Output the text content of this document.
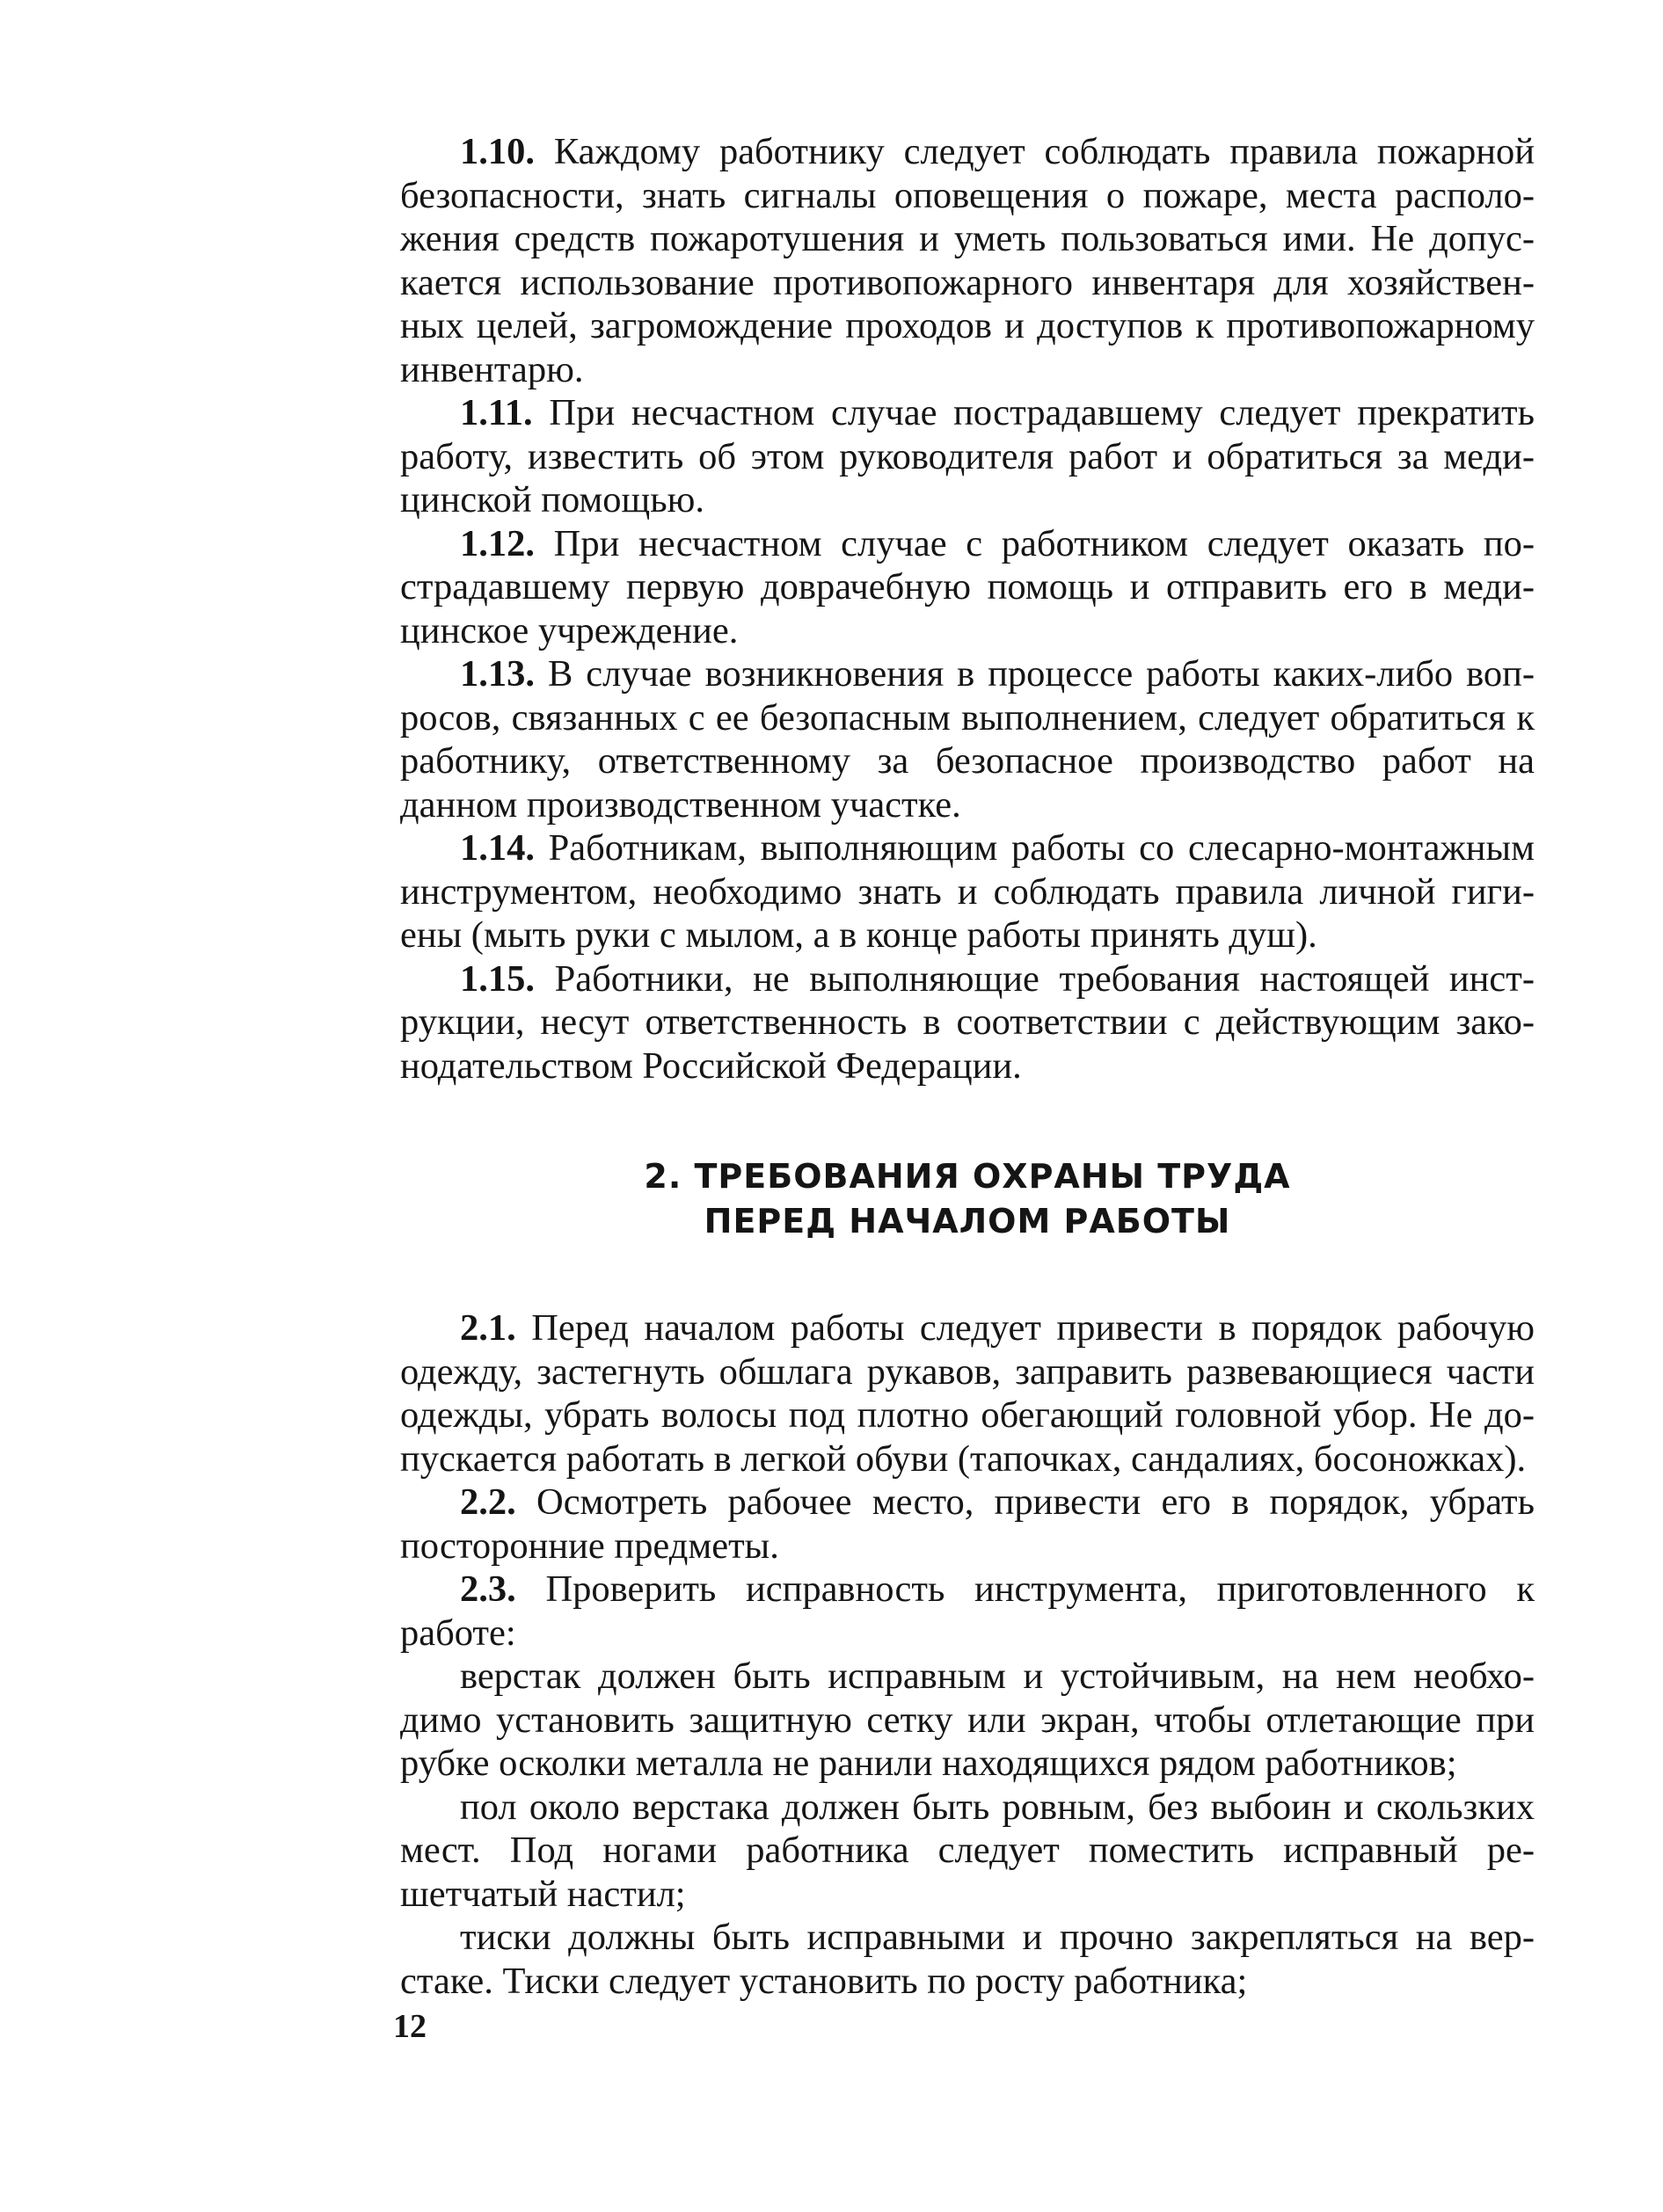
1.10. Каждому работнику следует соблюдать правила пожарной безопасности, знать сигналы оповещения о пожаре, места расположения средств пожаротушения и уметь пользоваться ими. Не допускается использование противопожарного инвентаря для хозяйственных целей, загромождение проходов и доступов к противопожарному инвентарю.

1.11. При несчастном случае пострадавшему следует прекратить работу, известить об этом руководителя работ и обратиться за медицинской помощью.

1.12. При несчастном случае с работником следует оказать пострадавшему первую доврачебную помощь и отправить его в медицинское учреждение.

1.13. В случае возникновения в процессе работы каких-либо вопросов, связанных с ее безопасным выполнением, следует обратиться к работнику, ответственному за безопасное производство работ на данном производственном участке.

1.14. Работникам, выполняющим работы со слесарно-монтажным инструментом, необходимо знать и соблюдать правила личной гигиены (мыть руки с мылом, а в конце работы принять душ).

1.15. Работники, не выполняющие требования настоящей инструкции, несут ответственность в соответствии с действующим законодательством Российской Федерации.

2. ТРЕБОВАНИЯ ОХРАНЫ ТРУДА
ПЕРЕД НАЧАЛОМ РАБОТЫ

2.1. Перед началом работы следует привести в порядок рабочую одежду, застегнуть обшлага рукавов, заправить развевающиеся части одежды, убрать волосы под плотно обегающий головной убор. Не допускается работать в легкой обуви (тапочках, сандалиях, босоножках).

2.2. Осмотреть рабочее место, привести его в порядок, убрать посторонние предметы.

2.3. Проверить исправность инструмента, приготовленного к работе:

верстак должен быть исправным и устойчивым, на нем необходимо установить защитную сетку или экран, чтобы отлетающие при рубке осколки металла не ранили находящихся рядом работников;

пол около верстака должен быть ровным, без выбоин и скользких мест. Под ногами работника следует поместить исправный решетчатый настил;

тиски должны быть исправными и прочно закрепляться на верстаке. Тиски следует установить по росту работника;

12
